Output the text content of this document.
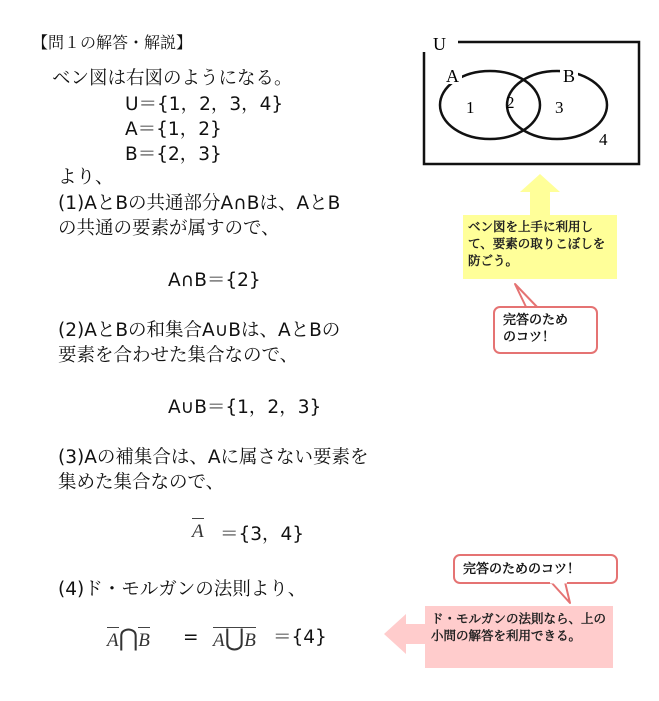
【問１の解答・解説】
ベン図は右図のようになる。
U＝{1，2，3，4}
A＝{1，2}
B＝{2，3}
より、
(1)AとBの共通部分A∩Bは、AとB
の共通の要素が属すので、
A∩B＝{2}
(2)AとBの和集合A∪Bは、AとBの
要素を合わせた集合なので、
A∪B＝{1，2，3}
(3)Aの補集合は、Aに属さない要素を
集めた集合なので、
A ＝{3，4}
(4)ド・モルガンの法則より、
A⋂B = A⋃B ＝{4}
U
A	B
1 2 3
4
ベン図を上手に利用して、要素の取りこぼしを防ごう。
完答のため
のコツ！
完答のためのコツ！
ド・モルガンの法則なら、上の小問の解答を利用できる。
